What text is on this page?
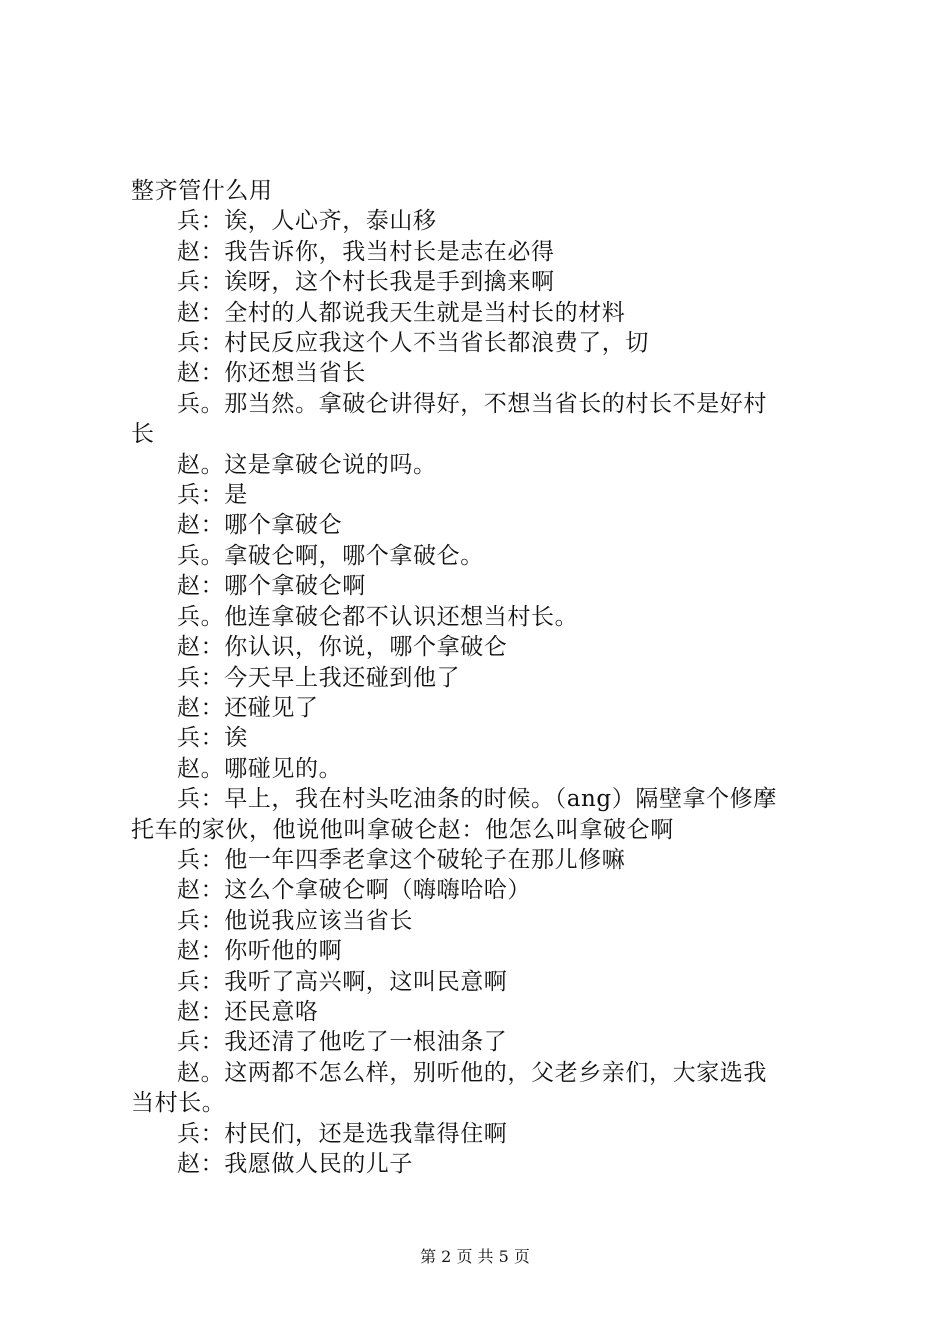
整齐管什么用

兵：诶，人心齐，泰山移

赵：我告诉你，我当村长是志在必得

兵：诶呀，这个村长我是手到擒来啊

赵：全村的人都说我天生就是当村长的材料

兵：村民反应我这个人不当省长都浪费了，切

赵：你还想当省长

兵。那当然。拿破仑讲得好，不想当省长的村长不是好村

长

赵。这是拿破仑说的吗。

兵：是

赵：哪个拿破仑

兵。拿破仑啊，哪个拿破仑。

赵：哪个拿破仑啊

兵。他连拿破仑都不认识还想当村长。

赵：你认识，你说，哪个拿破仑

兵：今天早上我还碰到他了

赵：还碰见了

兵：诶

赵。哪碰见的。

兵：早上，我在村头吃油条的时候。（ang）隔壁拿个修摩

托车的家伙，他说他叫拿破仑赵：他怎么叫拿破仑啊

兵：他一年四季老拿这个破轮子在那儿修嘛

赵：这么个拿破仑啊（嗨嗨哈哈）

兵：他说我应该当省长

赵：你听他的啊

兵：我听了高兴啊，这叫民意啊

赵：还民意咯

兵：我还清了他吃了一根油条了

赵。这两都不怎么样，别听他的，父老乡亲们，大家选我

当村长。

兵：村民们，还是选我靠得住啊

赵：我愿做人民的儿子

第 2 页 共 5 页
